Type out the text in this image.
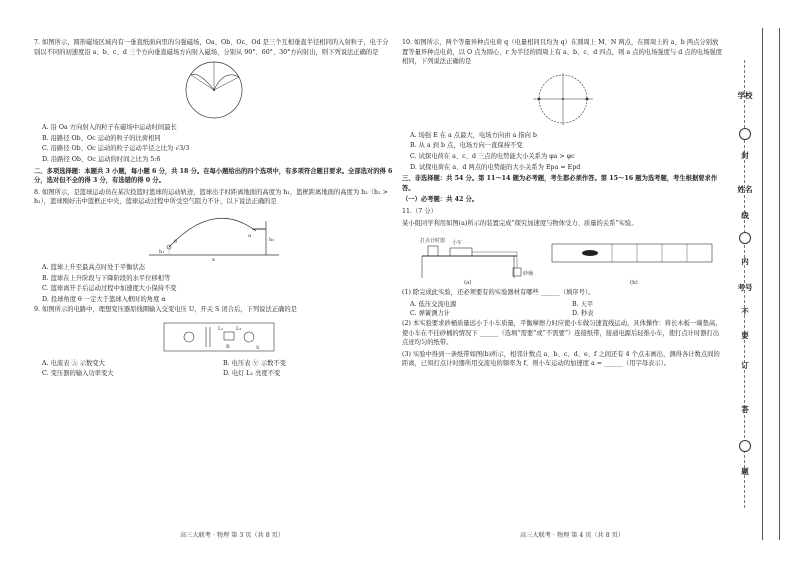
7. 如图所示，圆形磁场区域内有一垂直纸面向里的匀强磁场，Oa、Ob、Oc、Od 是三个互相垂直半径相同的入射粒子，电子分别以不同的初速度沿 a、b、c、d 三个方向垂直磁场方向射入磁场，分别从 90°、60°、30°方向射出，则下列说法正确的是
A. 沿 Oa 方向射入的粒子在磁场中运动时间最长
B. 沿路径 Ob、Oc 运动的粒子的比荷相同
C. 沿路径 Ob、Oc 运动的粒子运动半径之比为 √3/3
D. 沿路径 Ob、Oc 运动的时间之比为 5:6
二、多项选择题：本题共 3 小题，每小题 6 分，共 18 分。在每小题给出的四个选项中，有多项符合题目要求。全部选对的得 6 分，选对但不全的得 3 分，有选错的得 0 分。
8. 如图所示，是篮球运动员在某次投篮时篮球的运动轨迹，篮球出手时距离地面的高度为 h₁，篮框距离地面的高度为 h₂（h₂ > h₁），篮球刚好击中篮框正中央，篮球运动过程中所受空气阻力不计，以下说法正确的是
h₁
h₂
θ
α
x
A. 篮球上升至最高点时处于平衡状态
B. 篮球在上升阶段与下降阶段的水平位移相等
C. 篮球离开手后运动过程中加速度大小保持不变
D. 投球角度 θ 一定大于篮球入框时的角度 α
9. 如图所示的电路中，理想变压器原线圈输入交变电压 U，开关 S 闭合后，下列说法正确的是
L₁	L₂
R	S
A. 电流表 Ⓐ 示数变大	B. 电压表 Ⓥ 示数不变
C. 变压器的输入功率变大	D. 电灯 L₁ 亮度不变
10. 如图所示，两个等量异种点电荷 q（电量相同且均为 q）在圆周上 M、N 两点，在圆周上的 a、b 两点分别放置等量异种点电荷，以 O 点为圆心、r 为半径的圆周上有 a、b、c、d 四点，则 a 点的电场强度与 d 点的电场强度相同，下列说法正确的是
A. 场强 E 在 a 点最大，电场方向由 a 指向 b
B. 从 a 到 b 点，电场方向一直保持不变
C. 试探电荷在 a、c、d 三点的电势能大小关系为 φa > φc
D. 试探电荷在 a、d 两点的电势能的大小关系为 Epa = Epd
三、非选择题：共 54 分。第 11～14 题为必考题，考生都必须作答。第 15～16 题为选考题，考生根据要求作答。
（一）必考题：共 42 分。
11.（7 分）
某小组同学利用如图(a)所示的装置完成“探究加速度与物体受力、质量的关系”实验。
小车
打点计时器
砂桶
(a)	(b)
(1) 除完成此实验，还必须要有的实验器材有哪些 ______（填序号）。
A. 低压交流电源	B. 天平
C. 弹簧测力计	D. 秒表
(2) 本实验要求砂桶质量远小于小车质量，平衡摩擦力时应使小车做匀速直线运动，具体操作：将长木板一端垫高，使小车在不挂砂桶的情况下 ______（选填“需要”或“不需要”）连接纸带，接通电源后轻推小车，使打点计时器打出点迹均匀的纸带。
(3) 实验中得到一条纸带如图(b)所示，相邻计数点 a、b、c、d、e、f 之间还有 4 个点未画出，测得各计数点间的距离，已知打点计时器所用交流电的频率为 f，则小车运动的加速度 a = ______（用字母表示）。
高三大联考 · 物理 第 3 页（共 8 页）	高三大联考 · 物理 第 4 页（共 8 页）
学校
封
姓名
线
内
考号
不
要
订
答
题
